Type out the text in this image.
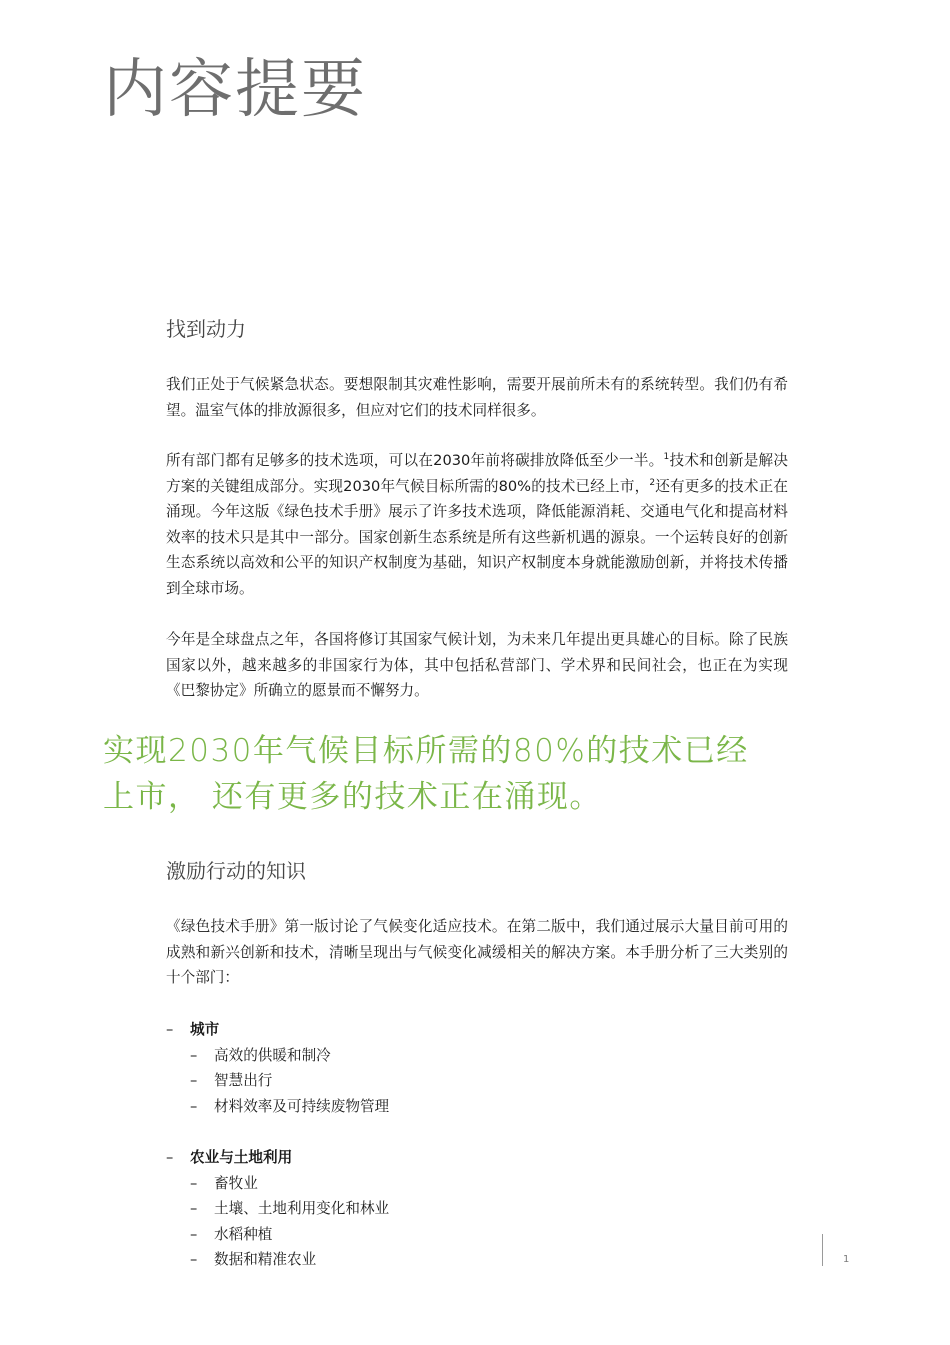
内容提要
找到动力
我们正处于气候紧急状态。要想限制其灾难性影响，需要开展前所未有的系统转型。我们仍有希望。温室气体的排放源很多，但应对它们的技术同样很多。
所有部门都有足够多的技术选项，可以在2030年前将碳排放降低至少一半。$^1$技术和创新是解决方案的关键组成部分。实现2030年气候目标所需的80%的技术已经上市，$^2$还有更多的技术正在涌现。今年这版《绿色技术手册》展示了许多技术选项，降低能源消耗、交通电气化和提高材料效率的技术只是其中一部分。国家创新生态系统是所有这些新机遇的源泉。一个运转良好的创新生态系统以高效和公平的知识产权制度为基础，知识产权制度本身就能激励创新，并将技术传播到全球市场。
今年是全球盘点之年，各国将修订其国家气候计划，为未来几年提出更具雄心的目标。除了民族国家以外，越来越多的非国家行为体，其中包括私营部门、学术界和民间社会，也正在为实现《巴黎协定》所确立的愿景而不懈努力。
实现2030年气候目标所需的80%的技术已经
上市， 还有更多的技术正在涌现。
激励行动的知识
《绿色技术手册》第一版讨论了气候变化适应技术。在第二版中，我们通过展示大量目前可用的成熟和新兴创新和技术，清晰呈现出与气候变化减缓相关的解决方案。本手册分析了三大类别的十个部门：
– 城市
– 高效的供暖和制冷
– 智慧出行
– 材料效率及可持续废物管理
– 农业与土地利用
– 畜牧业
– 土壤、土地利用变化和林业
– 水稻种植
– 数据和精准农业	1
